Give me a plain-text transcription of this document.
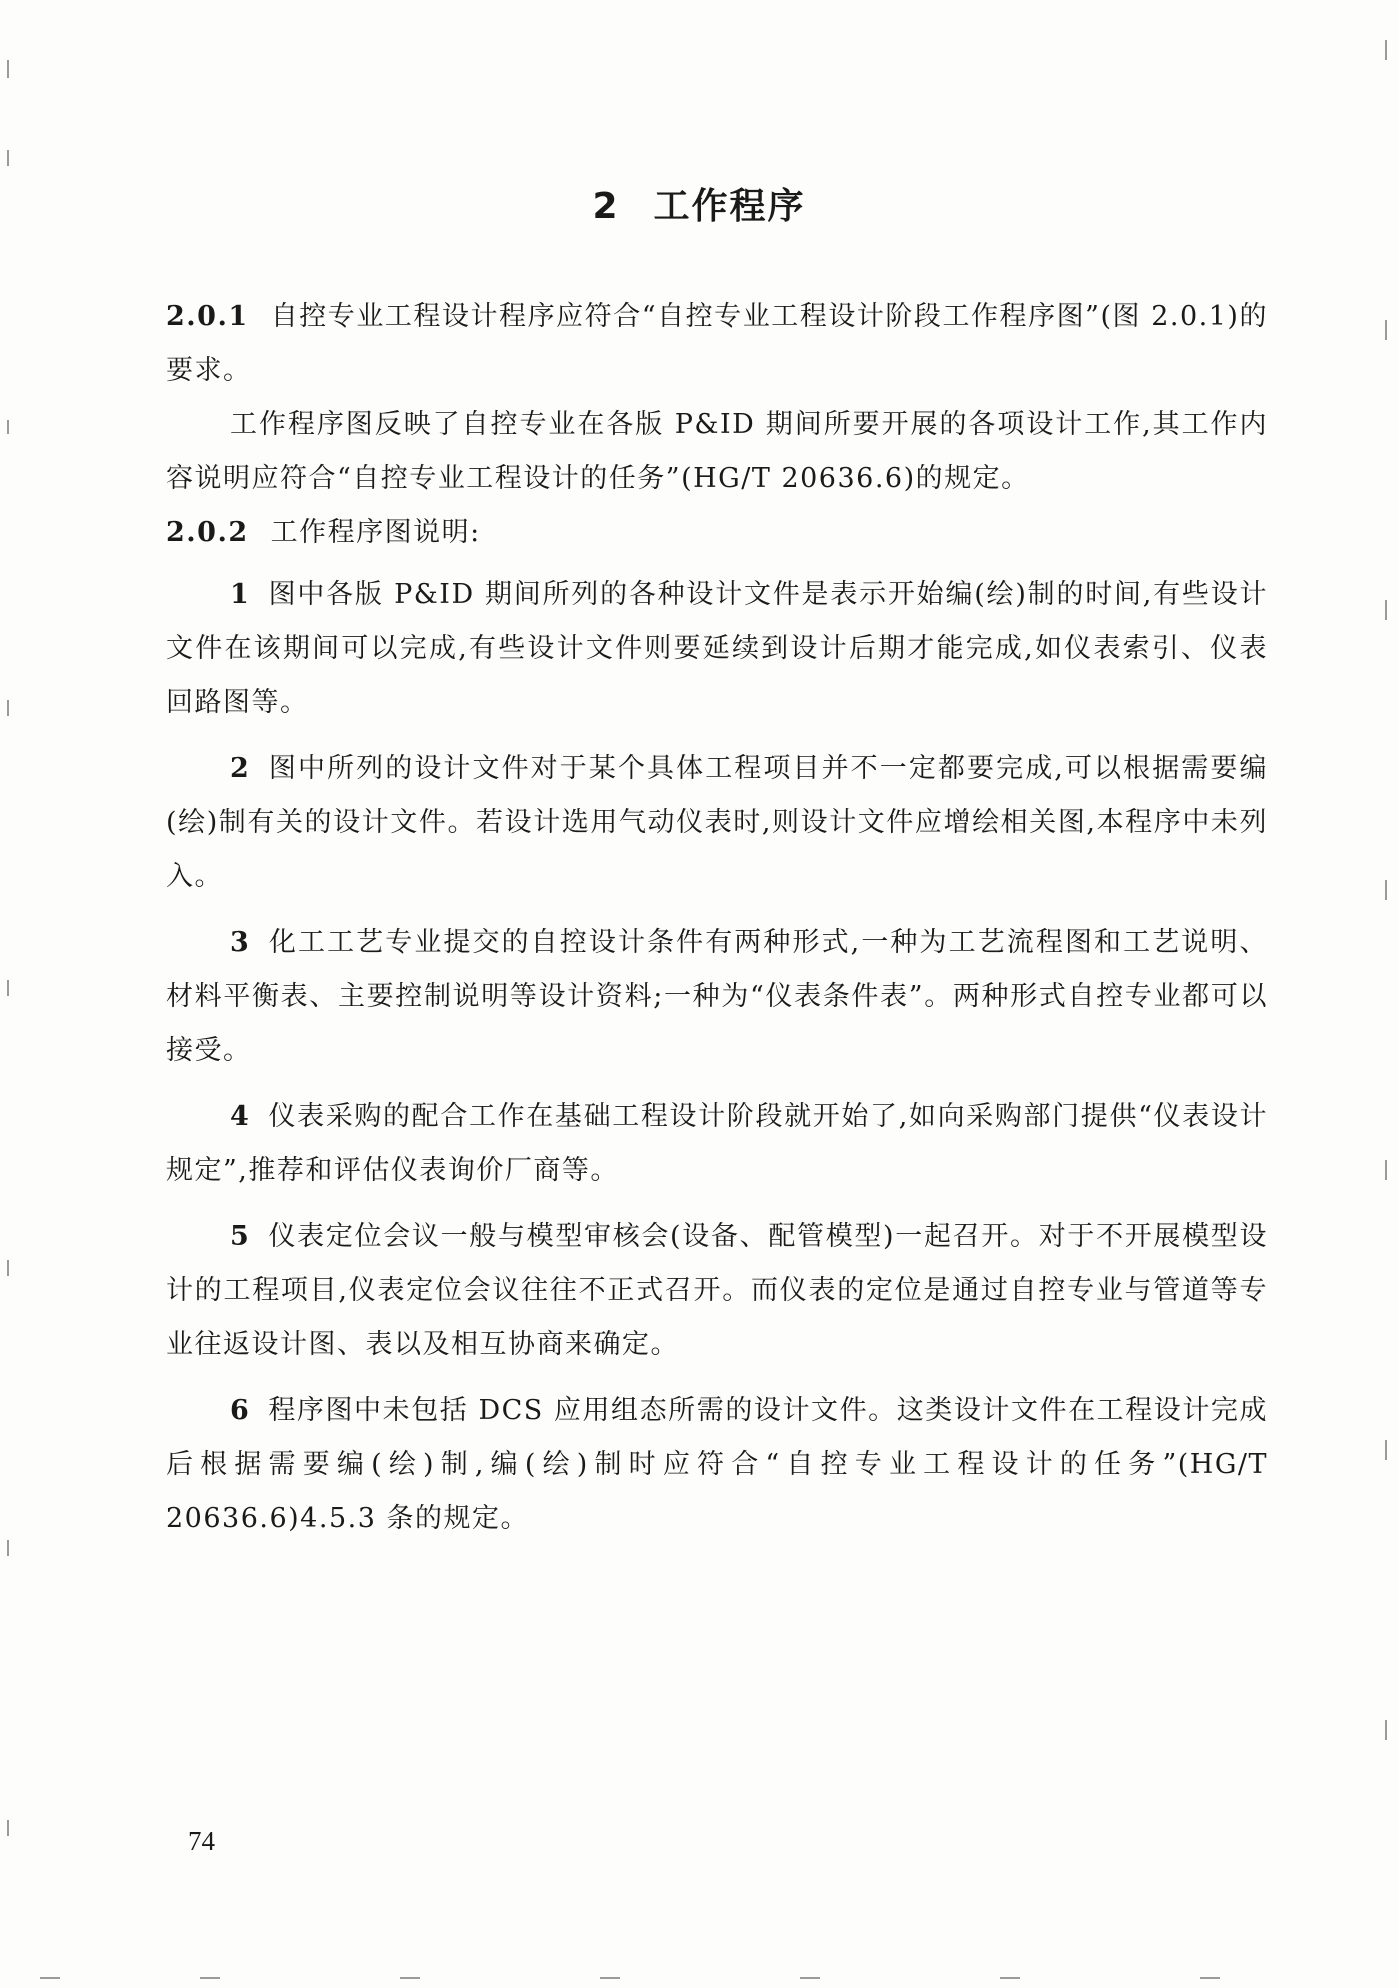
2 工作程序

2.0.1 自控专业工程设计程序应符合“自控专业工程设计阶段工作程序图”(图 2.0.1)的要求。

工作程序图反映了自控专业在各版 P&ID 期间所要开展的各项设计工作,其工作内容说明应符合“自控专业工程设计的任务”(HG/T 20636.6)的规定。

2.0.2 工作程序图说明:

1 图中各版 P&ID 期间所列的各种设计文件是表示开始编(绘)制的时间,有些设计文件在该期间可以完成,有些设计文件则要延续到设计后期才能完成,如仪表索引、仪表回路图等。

2 图中所列的设计文件对于某个具体工程项目并不一定都要完成,可以根据需要编(绘)制有关的设计文件。若设计选用气动仪表时,则设计文件应增绘相关图,本程序中未列入。

3 化工工艺专业提交的自控设计条件有两种形式,一种为工艺流程图和工艺说明、材料平衡表、主要控制说明等设计资料;一种为“仪表条件表”。两种形式自控专业都可以接受。

4 仪表采购的配合工作在基础工程设计阶段就开始了,如向采购部门提供“仪表设计规定”,推荐和评估仪表询价厂商等。

5 仪表定位会议一般与模型审核会(设备、配管模型)一起召开。对于不开展模型设计的工程项目,仪表定位会议往往不正式召开。而仪表的定位是通过自控专业与管道等专业往返设计图、表以及相互协商来确定。

6 程序图中未包括 DCS 应用组态所需的设计文件。这类设计文件在工程设计完成后根据需要编(绘)制,编(绘)制时应符合“自控专业工程设计的任务”(HG/T 20636.6)4.5.3 条的规定。

74
